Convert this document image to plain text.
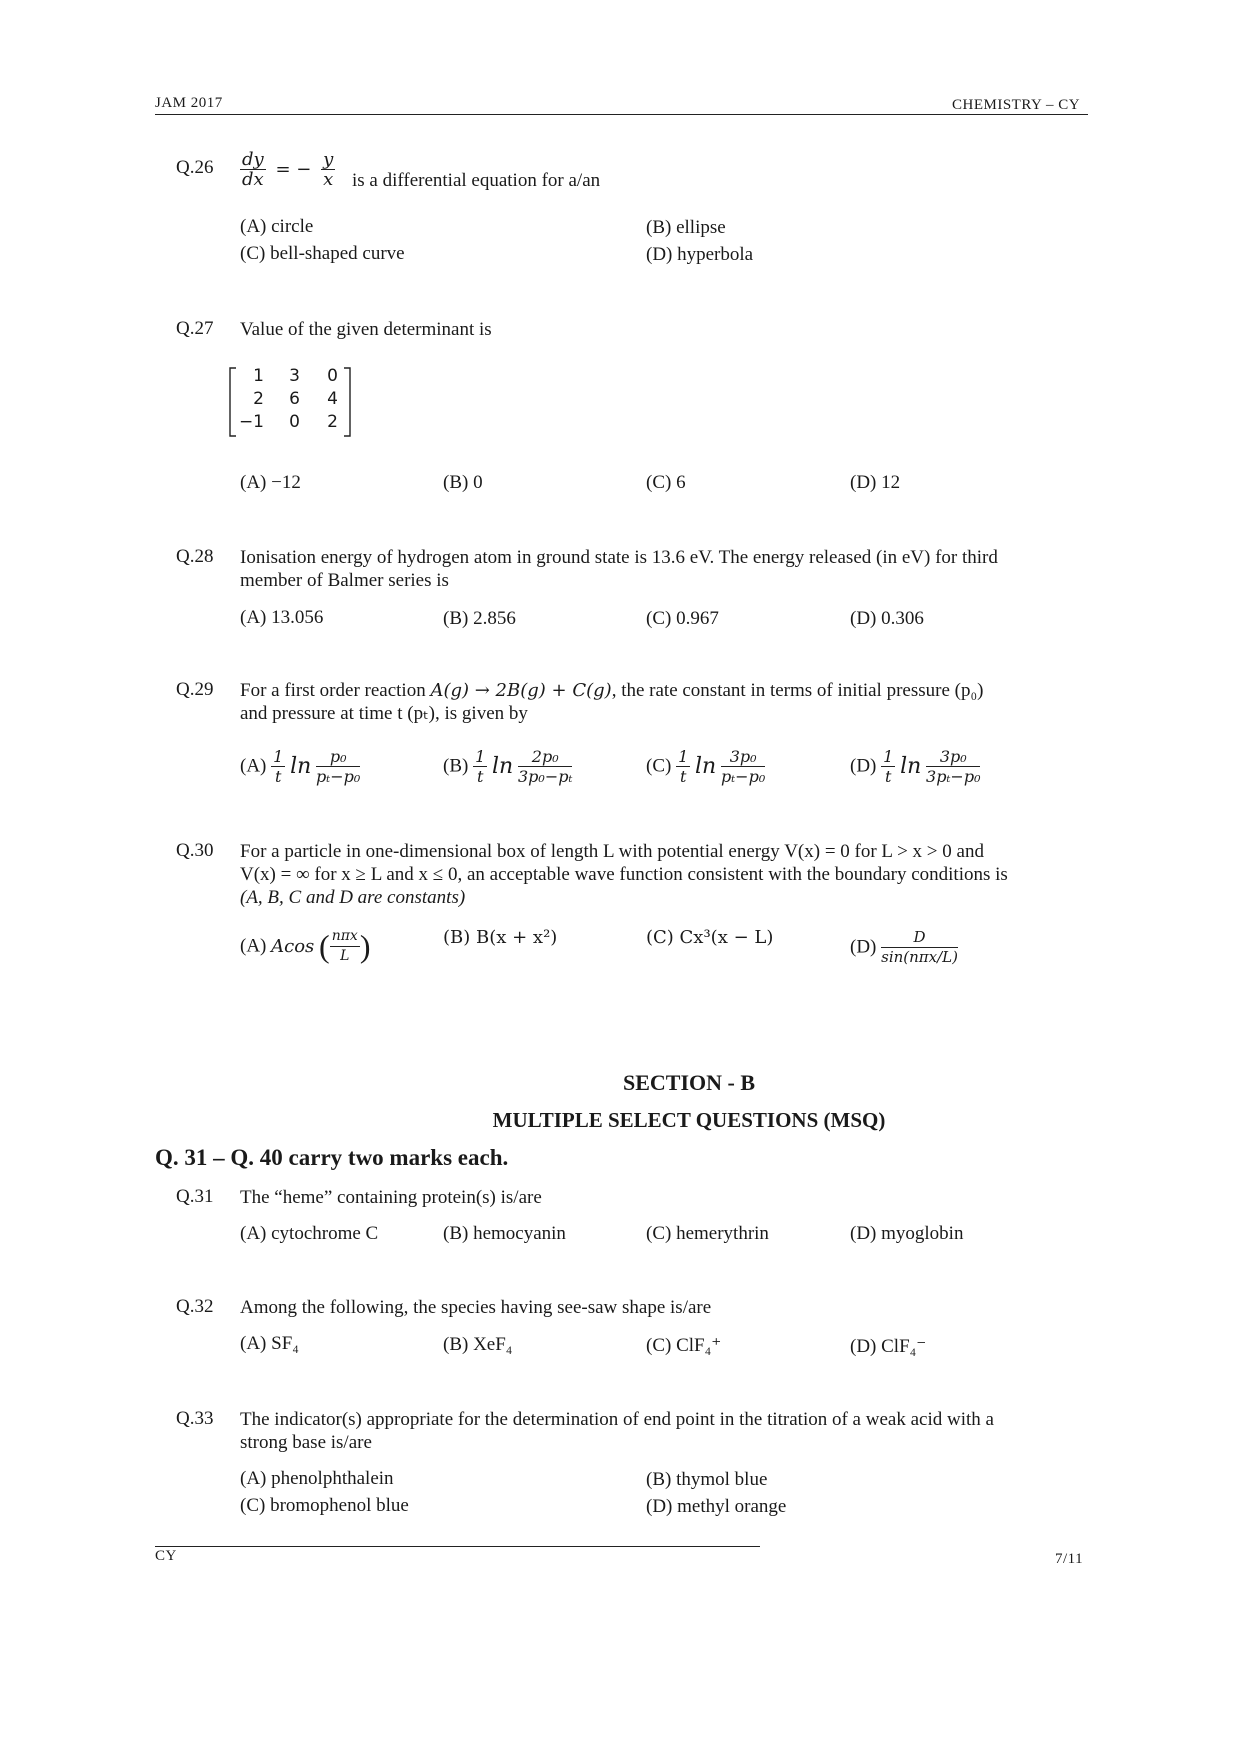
JAM 2017	CHEMISTRY – CY
$Q.26 \frac{dy}{dx}$ = − $\frac{y}{x}$ is a differential equation for a/an
(A) circle	(B) ellipse
(C) bell-shaped curve	(D) hyperbola
Q.27 Value of the given determinant is
1	3	0
2	6	4
−1	0	2
(A) −12	(B) 0	(C) 6	(D) 12
Q.28 Ionisation energy of hydrogen atom in ground state is 13.6 eV. The energy released (in eV) for third
member of Balmer series is
(A) 13.056	(B) 2.856	(C) 0.967	(D) 0.306
Q.29 For a first order reaction A(g) → 2B(g) + C(g), the rate constant in terms of initial pressure (p₀)
and pressure at time t (pₜ), is given by
$(A) \frac{1}{t}$ $\ln \frac{\text{p₀}}{\text{pₜ−p₀}}$	$(B) \frac{1}{t}$ $\ln \frac{\text{2p₀}}{\text{3p₀−pₜ}}$	$(C) \frac{1}{t}$ $\ln \frac{\text{3p₀}}{\text{pₜ−p₀}}$	$(D) \frac{1}{t}$ $\ln \frac{\text{3p₀}}{\text{3pₜ−p₀}}$
Q.30 For a particle in one-dimensional box of length L with potential energy V(x) = 0 for L > x > 0 and
V(x) = ∞ for x ≥ L and x ≤ 0, an acceptable wave function consistent with the boundary conditions is
(A, B, C and D are constants)
(A) Acos ( $\frac{\text{nπx}}{L}$ )	(B) B(x + x²)	(C) Cx³(x − L)	$(D) \frac{D}{\text{sin(nπx/L)}}$
SECTION - B
MULTIPLE SELECT QUESTIONS (MSQ)
Q. 31 – Q. 40 carry two marks each.
Q.31 The “heme” containing protein(s) is/are
(A) cytochrome C	(B) hemocyanin	(C) hemerythrin	(D) myoglobin
Q.32 Among the following, the species having see-saw shape is/are
(A) SF₄	(B) XeF₄	(C) ClF₄⁺	(D) ClF₄⁻
Q.33 The indicator(s) appropriate for the determination of end point in the titration of a weak acid with a
strong base is/are
(A) phenolphthalein	(B) thymol blue
(C) bromophenol blue	(D) methyl orange
CY	7/11
